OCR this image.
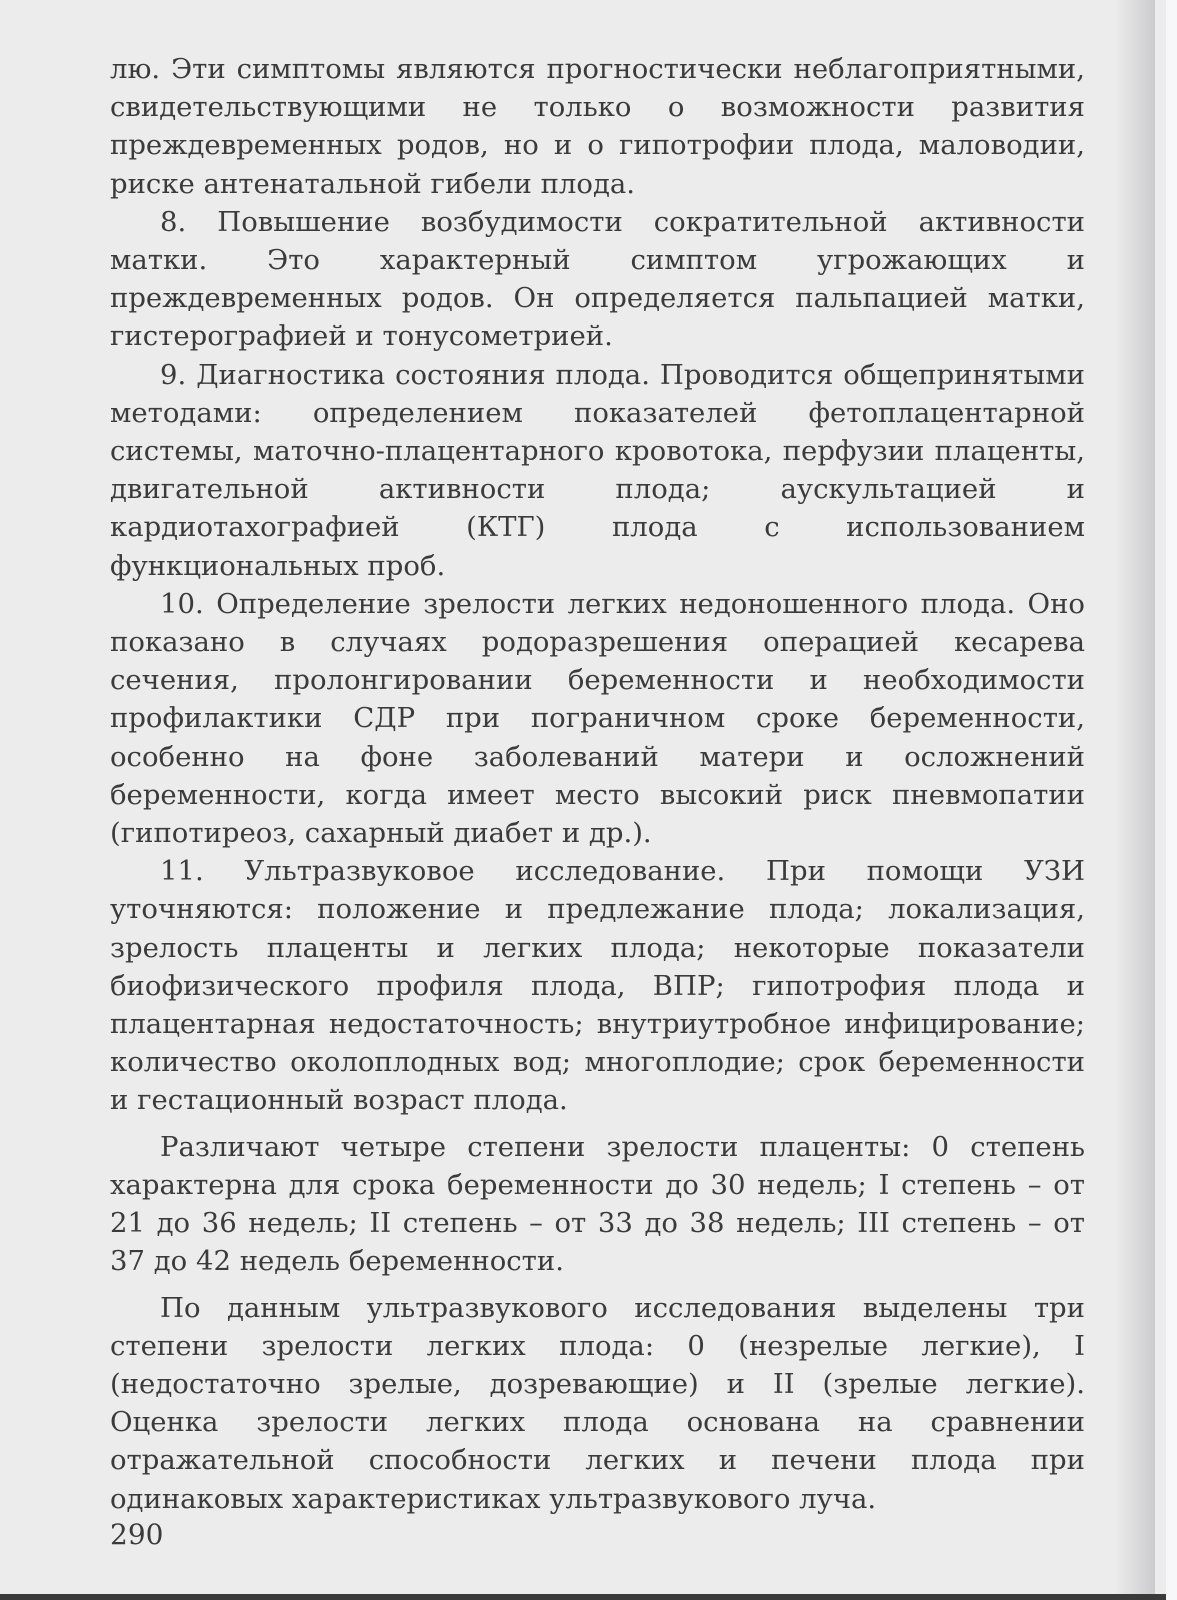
лю. Эти симптомы являются прогностически неблагоприятными, свидетельствующими не только о возможности развития преждевременных родов, но и о гипотрофии плода, маловодии, риске антенатальной гибели плода.

8. Повышение возбудимости сократительной активности матки. Это характерный симптом угрожающих и преждевременных родов. Он определяется пальпацией матки, гистерографией и тонусометрией.

9. Диагностика состояния плода. Проводится общепринятыми методами: определением показателей фетоплацентарной системы, маточно-плацентарного кровотока, перфузии плаценты, двигательной активности плода; аускультацией и кардиотахографией (КТГ) плода с использованием функциональных проб.

10. Определение зрелости легких недоношенного плода. Оно показано в случаях родоразрешения операцией кесарева сечения, пролонгировании беременности и необходимости профилактики СДР при пограничном сроке беременности, особенно на фоне заболеваний матери и осложнений беременности, когда имеет место высокий риск пневмопатии (гипотиреоз, сахарный диабет и др.).

11. Ультразвуковое исследование. При помощи УЗИ уточняются: положение и предлежание плода; локализация, зрелость плаценты и легких плода; некоторые показатели биофизического профиля плода, ВПР; гипотрофия плода и плацентарная недостаточность; внутриутробное инфицирование; количество околоплодных вод; многоплодие; срок беременности и гестационный возраст плода.

Различают четыре степени зрелости плаценты: 0 степень характерна для срока беременности до 30 недель; I степень – от 21 до 36 недель; II степень – от 33 до 38 недель; III степень – от 37 до 42 недель беременности.

По данным ультразвукового исследования выделены три степени зрелости легких плода: 0 (незрелые легкие), I (недостаточно зрелые, дозревающие) и II (зрелые легкие). Оценка зрелости легких плода основана на сравнении отражательной способности легких и печени плода при одинаковых характеристиках ультразвукового луча.

290
